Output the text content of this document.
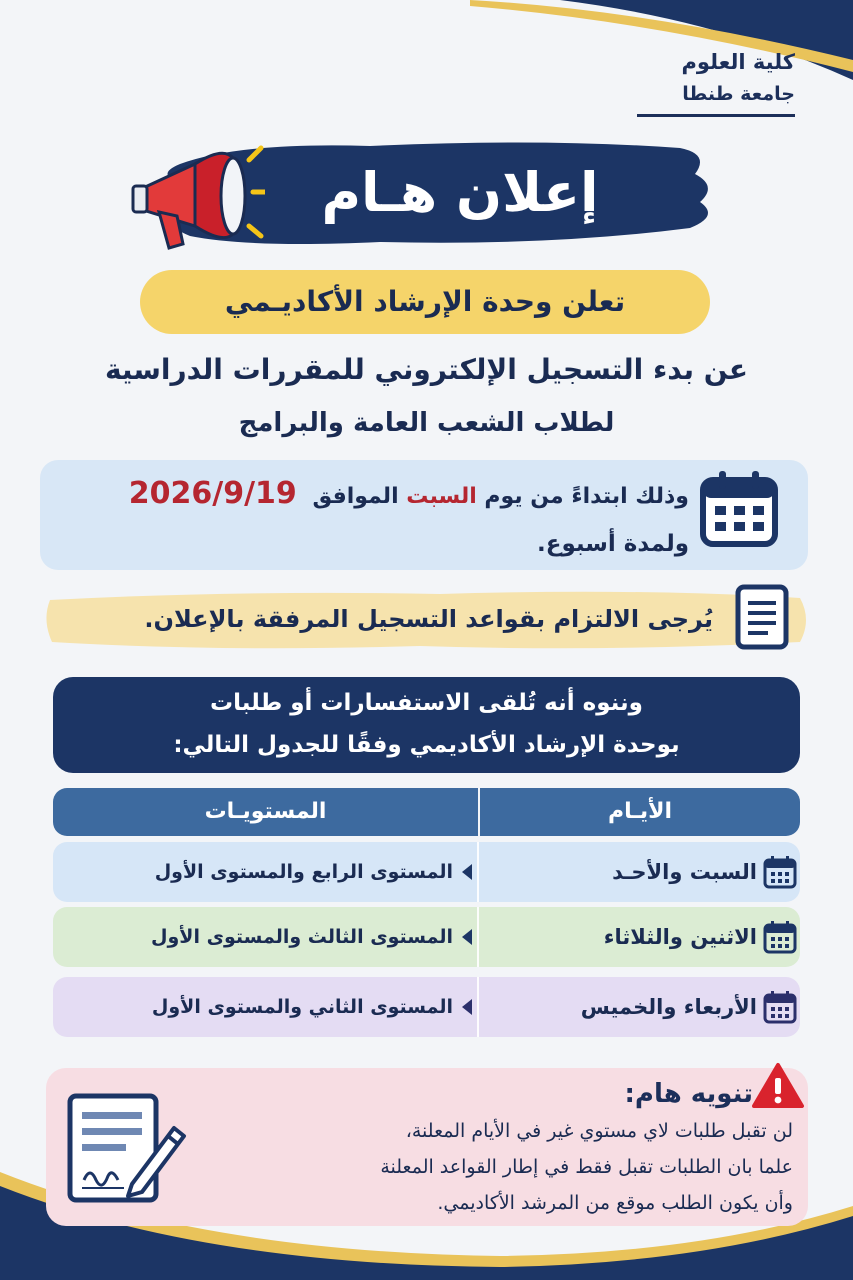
كلية العلوم
جامعة طنطا
إعلان هـام
تعلن وحدة الإرشاد الأكاديـمي
عن بدء التسجيل الإلكتروني للمقررات الدراسية
لطلاب الشعب العامة والبرامج
وذلك ابتداءً من يوم السبت الموافق 2026/9/19
ولمدة أسبوع.
يُرجى الالتزام بقواعد التسجيل المرفقة بالإعلان.
وننوه أنه تُلقى الاستفسارات أو طلبات
بوحدة الإرشاد الأكاديمي وفقًا للجدول التالي:
الأيـام
المستويـات
السبت والأحـد
المستوى الرابع والمستوى الأول
الاثنين والثلاثاء
المستوى الثالث والمستوى الأول
الأربعاء والخميس
المستوى الثاني والمستوى الأول
تنويه هام:
لن تقبل طلبات لاي مستوي غير في الأيام المعلنة،
علما بان الطلبات تقبل فقط في إطار القواعد المعلنة
وأن يكون الطلب موقع من المرشد الأكاديمي.
